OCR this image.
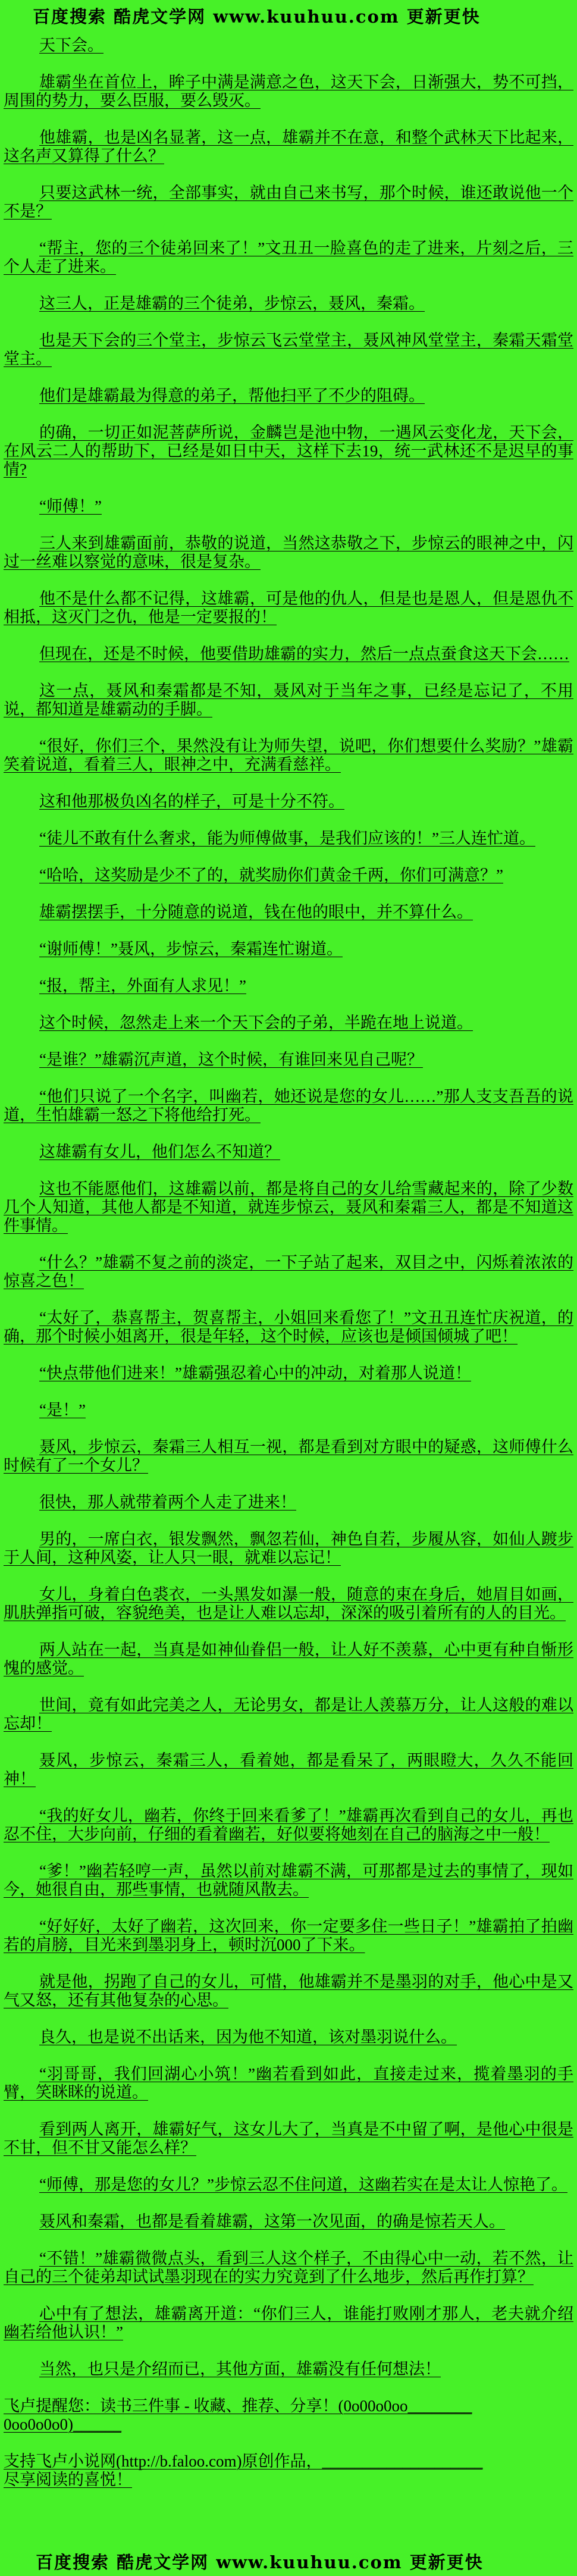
百度搜索 酷虎文学网 www.kuuhuu.com 更新更快

天下会。

雄霸坐在首位上，眸子中满是满意之色，这天下会，日渐强大，势不可挡，周围的势力，要么臣服，要么毁灭。

他雄霸，也是凶名显著，这一点，雄霸并不在意，和整个武林天下比起来，这名声又算得了什么？

只要这武林一统，全部事实，就由自己来书写，那个时候，谁还敢说他一个不是？

“帮主，您的三个徒弟回来了！”文丑丑一脸喜色的走了进来，片刻之后，三个人走了进来。

这三人，正是雄霸的三个徒弟，步惊云，聂风，秦霜。

也是天下会的三个堂主，步惊云飞云堂堂主，聂风神风堂堂主，秦霜天霜堂堂主。

他们是雄霸最为得意的弟子，帮他扫平了不少的阻碍。

的确，一切正如泥菩萨所说，金麟岂是池中物，一遇风云变化龙，天下会，在风云二人的帮助下，已经是如日中天，这样下去19，统一武林还不是迟早的事情?

“师傅！”

三人来到雄霸面前，恭敬的说道，当然这恭敬之下，步惊云的眼神之中，闪过一丝难以察觉的意味，很是复杂。

他不是什么都不记得，这雄霸，可是他的仇人，但是也是恩人，但是恩仇不相抵，这灭门之仇，他是一定要报的！

但现在，还是不时候，他要借助雄霸的实力，然后一点点蚕食这天下会……

这一点，聂风和秦霜都是不知，聂风对于当年之事，已经是忘记了，不用说，都知道是雄霸动的手脚。

“很好，你们三个，果然没有让为师失望，说吧，你们想要什么奖励？”雄霸笑着说道，看着三人，眼神之中，充满看慈祥。

这和他那极负凶名的样子，可是十分不符。

“徒儿不敢有什么奢求，能为师傅做事，是我们应该的！”三人连忙道。

“哈哈，这奖励是少不了的，就奖励你们黄金千两，你们可满意？”

雄霸摆摆手，十分随意的说道，钱在他的眼中，并不算什么。

“谢师傅！”聂风，步惊云，秦霜连忙谢道。

“报，帮主，外面有人求见！”

这个时候，忽然走上来一个天下会的子弟，半跪在地上说道。

“是谁？”雄霸沉声道，这个时候，有谁回来见自己呢？

“他们只说了一个名字，叫幽若，她还说是您的女儿……”那人支支吾吾的说道，生怕雄霸一怒之下将他给打死。

这雄霸有女儿，他们怎么不知道？

这也不能愿他们，这雄霸以前，都是将自己的女儿给雪藏起来的，除了少数几个人知道，其他人都是不知道，就连步惊云，聂风和秦霜三人，都是不知道这件事情。

“什么？”雄霸不复之前的淡定，一下子站了起来，双目之中，闪烁着浓浓的惊喜之色！

“太好了，恭喜帮主，贺喜帮主，小姐回来看您了！”文丑丑连忙庆祝道，的确，那个时候小姐离开，很是年轻，这个时候，应该也是倾国倾城了吧！

“快点带他们进来！”雄霸强忍着心中的冲动，对着那人说道！

“是！”

聂风，步惊云，秦霜三人相互一视，都是看到对方眼中的疑惑，这师傅什么时候有了一个女儿？

很快，那人就带着两个人走了进来！

男的，一席白衣，银发飘然，飘忽若仙，神色自若，步履从容，如仙人踱步于人间，这种风姿，让人只一眼，就难以忘记！

女儿，身着白色裘衣，一头黑发如瀑一般，随意的束在身后，她眉目如画，肌肤弹指可破，容貌绝美，也是让人难以忘却，深深的吸引着所有的人的目光。

两人站在一起，当真是如神仙眷侣一般，让人好不羡慕，心中更有种自惭形愧的感觉。

世间，竟有如此完美之人，无论男女，都是让人羡慕万分，让人这般的难以忘却！

聂风，步惊云，秦霜三人，看着她，都是看呆了，两眼瞪大，久久不能回神！

“我的好女儿，幽若，你终于回来看爹了！”雄霸再次看到自己的女儿，再也忍不住，大步向前，仔细的看着幽若，好似要将她刻在自己的脑海之中一般！

“爹！”幽若轻哼一声，虽然以前对雄霸不满，可那都是过去的事情了，现如今，她很自由，那些事情，也就随风散去。

“好好好，太好了幽若，这次回来，你一定要多住一些日子！”雄霸拍了拍幽若的肩膀，目光来到墨羽身上，顿时沉000了下来。

就是他，拐跑了自己的女儿，可惜，他雄霸并不是墨羽的对手，他心中是又气又怒，还有其他复杂的心思。

良久，也是说不出话来，因为他不知道，该对墨羽说什么。

“羽哥哥，我们回湖心小筑！”幽若看到如此，直接走过来，揽着墨羽的手臂，笑眯眯的说道。

看到两人离开，雄霸好气，这女儿大了，当真是不中留了啊，是他心中很是不甘，但不甘又能怎么样？

“师傅，那是您的女儿？”步惊云忍不住问道，这幽若实在是太让人惊艳了。

聂风和秦霜，也都是看着雄霸，这第一次见面，的确是惊若天人。

“不错！”雄霸微微点头，看到三人这个样子，不由得心中一动，若不然，让自己的三个徒弟却试试墨羽现在的实力究竟到了什么地步，然后再作打算？

心中有了想法，雄霸离开道：“你们三人，谁能打败刚才那人，老夫就介绍幽若给他认识！”

当然，也只是介绍而已，其他方面，雄霸没有任何想法！

飞卢提醒您：读书三件事 - 收藏、推荐、分享！(0o00o0oo________

0oo0o0o0)______

支持飞卢小说网(http://b.faloo.com)原创作品，____________________

尽享阅读的喜悦！

百度搜索 酷虎文学网 www.kuuhuu.com 更新更快
